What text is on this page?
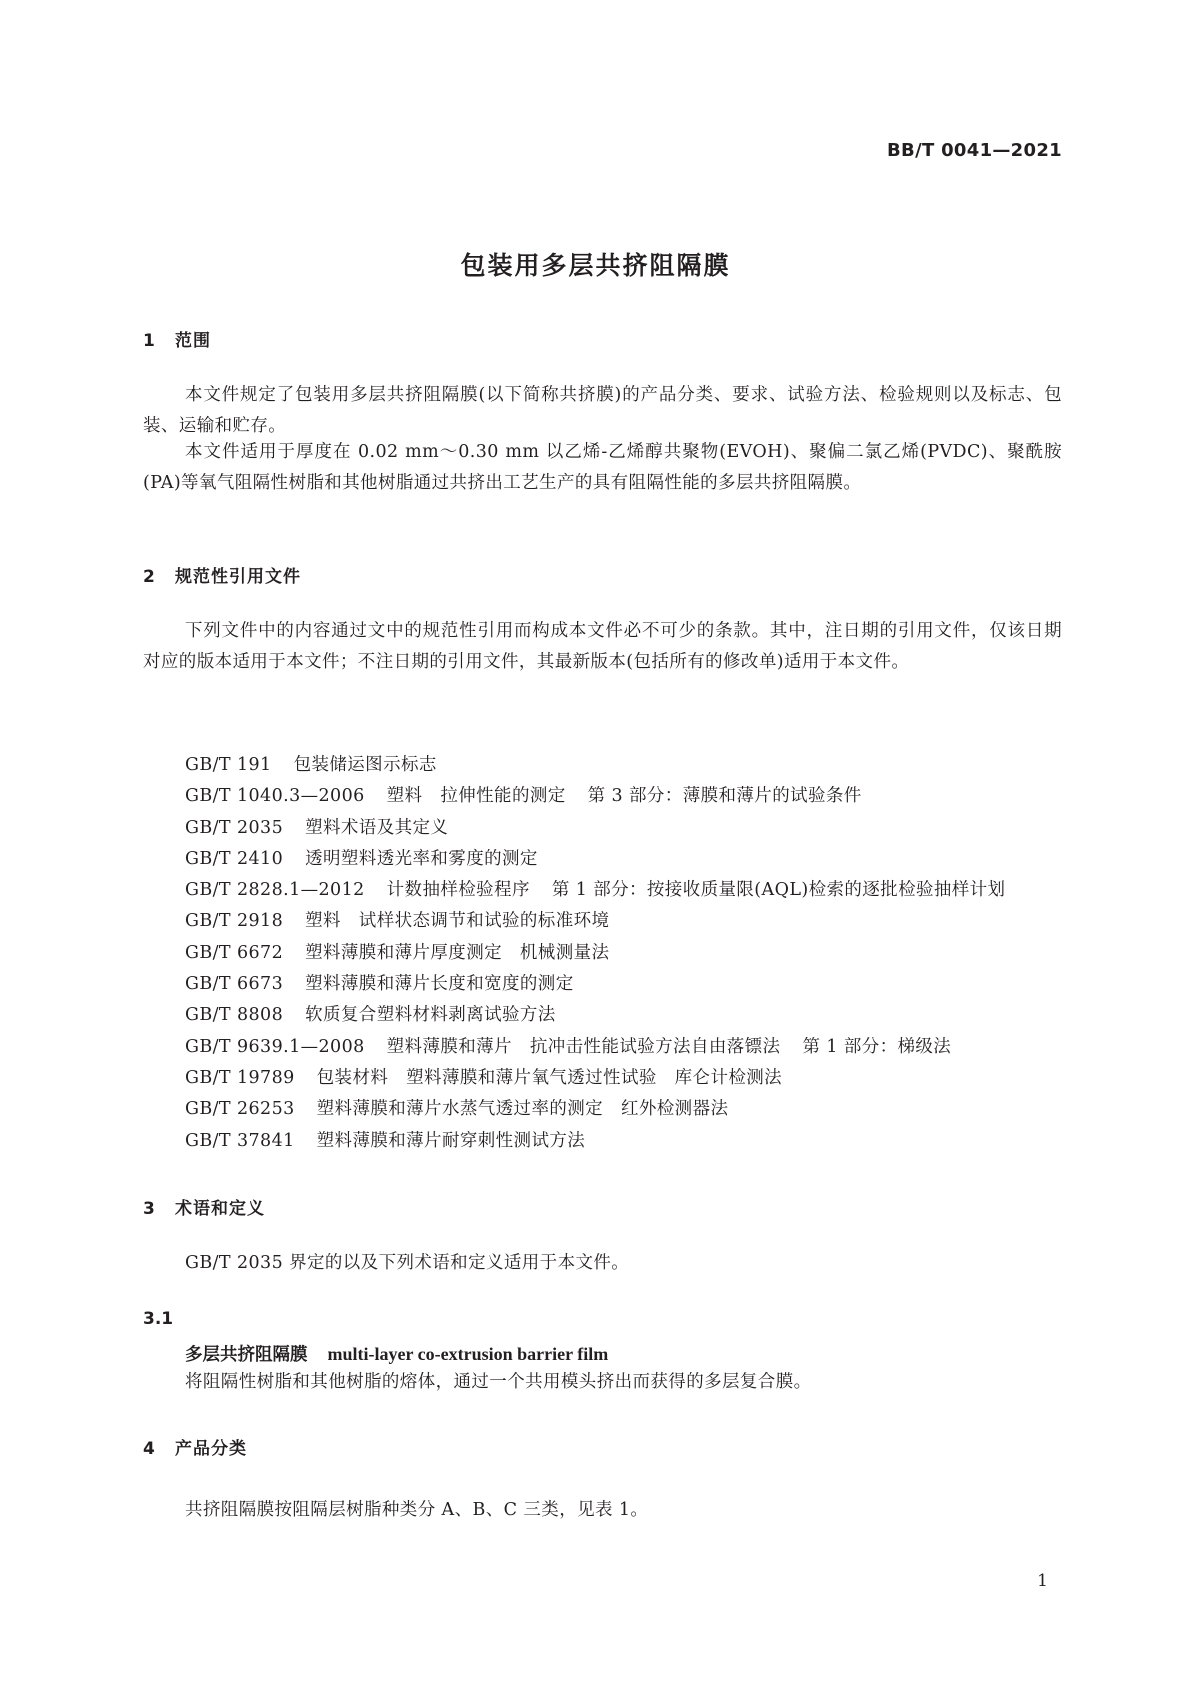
BB/T 0041—2021
包装用多层共挤阻隔膜
1 范围
本文件规定了包装用多层共挤阻隔膜(以下简称共挤膜)的产品分类、要求、试验方法、检验规则以及标志、包装、运输和贮存。
本文件适用于厚度在 0.02 mm～0.30 mm 以乙烯-乙烯醇共聚物(EVOH)、聚偏二氯乙烯(PVDC)、聚酰胺(PA)等氧气阻隔性树脂和其他树脂通过共挤出工艺生产的具有阻隔性能的多层共挤阻隔膜。
2 规范性引用文件
下列文件中的内容通过文中的规范性引用而构成本文件必不可少的条款。其中，注日期的引用文件，仅该日期对应的版本适用于本文件；不注日期的引用文件，其最新版本(包括所有的修改单)适用于本文件。
GB/T 191 包装储运图示标志
GB/T 1040.3—2006 塑料　拉伸性能的测定 第 3 部分：薄膜和薄片的试验条件
GB/T 2035 塑料术语及其定义
GB/T 2410 透明塑料透光率和雾度的测定
GB/T 2828.1—2012 计数抽样检验程序 第 1 部分：按接收质量限(AQL)检索的逐批检验抽样计划
GB/T 2918 塑料　试样状态调节和试验的标准环境
GB/T 6672 塑料薄膜和薄片厚度测定　机械测量法
GB/T 6673 塑料薄膜和薄片长度和宽度的测定
GB/T 8808 软质复合塑料材料剥离试验方法
GB/T 9639.1—2008 塑料薄膜和薄片　抗冲击性能试验方法自由落镖法 第 1 部分：梯级法
GB/T 19789 包装材料　塑料薄膜和薄片氧气透过性试验　库仑计检测法
GB/T 26253 塑料薄膜和薄片水蒸气透过率的测定　红外检测器法
GB/T 37841 塑料薄膜和薄片耐穿刺性测试方法
3 术语和定义
GB/T 2035 界定的以及下列术语和定义适用于本文件。
3.1
多层共挤阻隔膜 multi-layer co-extrusion barrier film
将阻隔性树脂和其他树脂的熔体，通过一个共用模头挤出而获得的多层复合膜。
4 产品分类
共挤阻隔膜按阻隔层树脂种类分 A、B、C 三类，见表 1。
1
